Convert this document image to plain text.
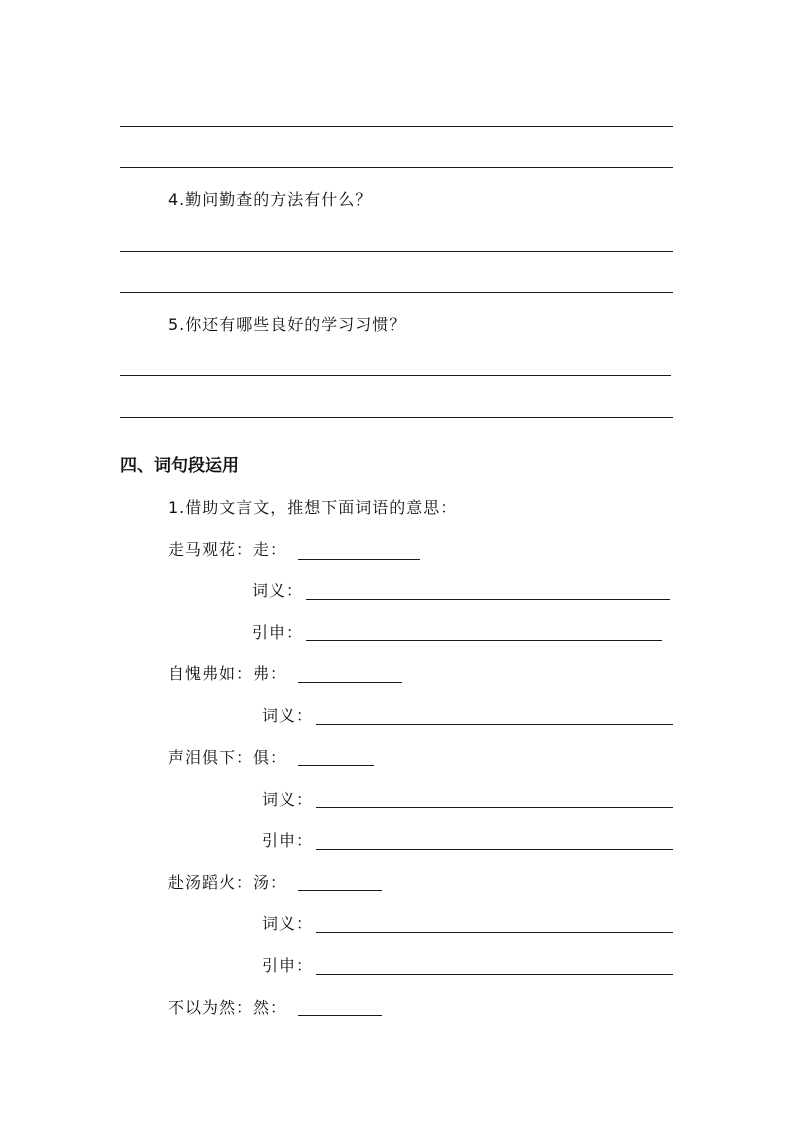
4.勤问勤查的方法有什么？
5.你还有哪些良好的学习习惯？
四、词句段运用
1.借助文言文，推想下面词语的意思：
走马观花：走：
词义：
引申：
自愧弗如：弗：
词义：
声泪俱下：俱：
词义：
引申：
赴汤蹈火：汤：
词义：
引申：
不以为然：然：
